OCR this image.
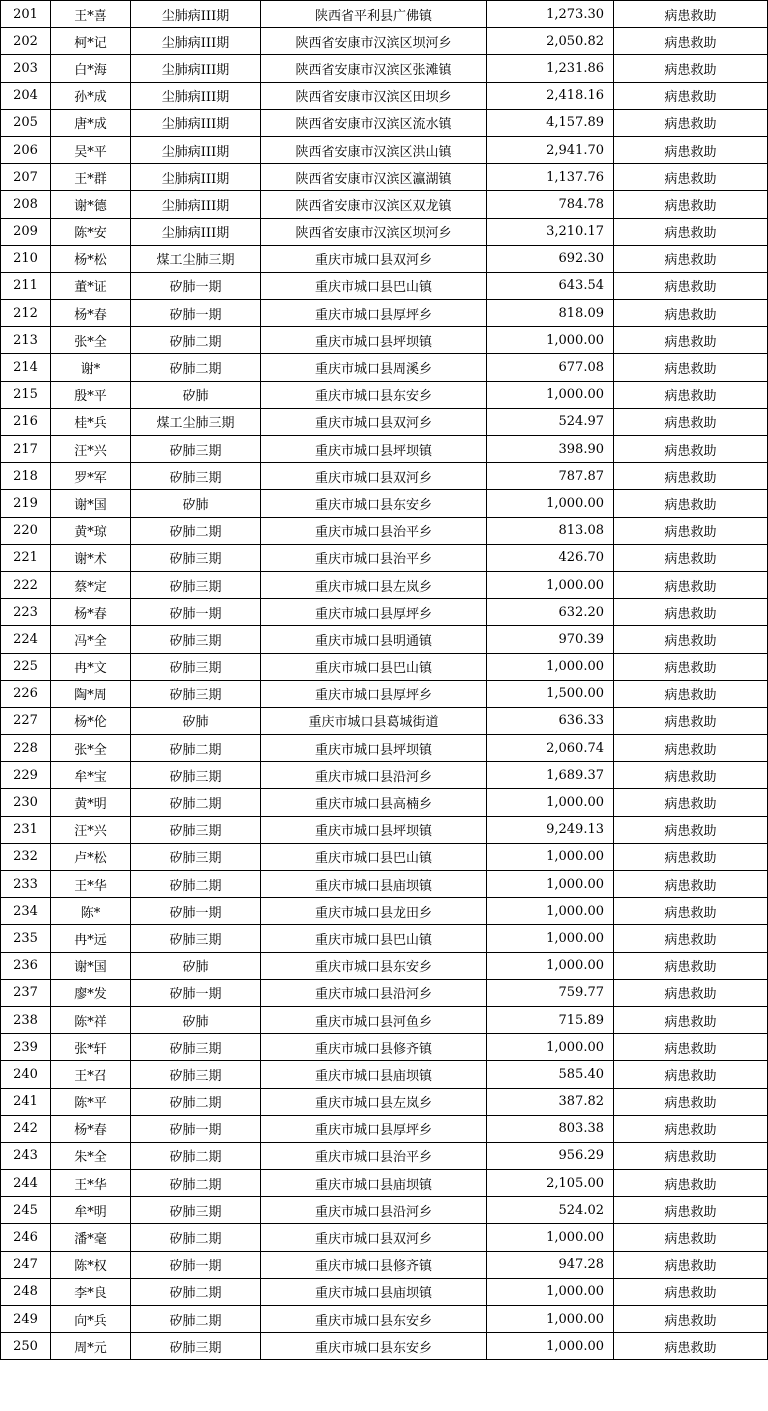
201	王*喜	尘肺病III期	陕西省平利县广佛镇	1,273.30	病患救助
202	柯*记	尘肺病III期	陕西省安康市汉滨区坝河乡	2,050.82	病患救助
203	白*海	尘肺病III期	陕西省安康市汉滨区张滩镇	1,231.86	病患救助
204	孙*成	尘肺病III期	陕西省安康市汉滨区田坝乡	2,418.16	病患救助
205	唐*成	尘肺病III期	陕西省安康市汉滨区流水镇	4,157.89	病患救助
206	吴*平	尘肺病III期	陕西省安康市汉滨区洪山镇	2,941.70	病患救助
207	王*群	尘肺病III期	陕西省安康市汉滨区瀛湖镇	1,137.76	病患救助
208	谢*德	尘肺病III期	陕西省安康市汉滨区双龙镇	784.78	病患救助
209	陈*安	尘肺病III期	陕西省安康市汉滨区坝河乡	3,210.17	病患救助
210	杨*松	煤工尘肺三期	重庆市城口县双河乡	692.30	病患救助
211	董*证	矽肺一期	重庆市城口县巴山镇	643.54	病患救助
212	杨*春	矽肺一期	重庆市城口县厚坪乡	818.09	病患救助
213	张*全	矽肺二期	重庆市城口县坪坝镇	1,000.00	病患救助
214	谢*	矽肺二期	重庆市城口县周溪乡	677.08	病患救助
215	殷*平	矽肺	重庆市城口县东安乡	1,000.00	病患救助
216	桂*兵	煤工尘肺三期	重庆市城口县双河乡	524.97	病患救助
217	汪*兴	矽肺三期	重庆市城口县坪坝镇	398.90	病患救助
218	罗*军	矽肺三期	重庆市城口县双河乡	787.87	病患救助
219	谢*国	矽肺	重庆市城口县东安乡	1,000.00	病患救助
220	黄*琼	矽肺二期	重庆市城口县治平乡	813.08	病患救助
221	谢*术	矽肺三期	重庆市城口县治平乡	426.70	病患救助
222	蔡*定	矽肺三期	重庆市城口县左岚乡	1,000.00	病患救助
223	杨*春	矽肺一期	重庆市城口县厚坪乡	632.20	病患救助
224	冯*全	矽肺三期	重庆市城口县明通镇	970.39	病患救助
225	冉*文	矽肺三期	重庆市城口县巴山镇	1,000.00	病患救助
226	陶*周	矽肺三期	重庆市城口县厚坪乡	1,500.00	病患救助
227	杨*伦	矽肺	重庆市城口县葛城街道	636.33	病患救助
228	张*全	矽肺二期	重庆市城口县坪坝镇	2,060.74	病患救助
229	牟*宝	矽肺三期	重庆市城口县沿河乡	1,689.37	病患救助
230	黄*明	矽肺二期	重庆市城口县高楠乡	1,000.00	病患救助
231	汪*兴	矽肺三期	重庆市城口县坪坝镇	9,249.13	病患救助
232	卢*松	矽肺三期	重庆市城口县巴山镇	1,000.00	病患救助
233	王*华	矽肺二期	重庆市城口县庙坝镇	1,000.00	病患救助
234	陈*	矽肺一期	重庆市城口县龙田乡	1,000.00	病患救助
235	冉*远	矽肺三期	重庆市城口县巴山镇	1,000.00	病患救助
236	谢*国	矽肺	重庆市城口县东安乡	1,000.00	病患救助
237	廖*发	矽肺一期	重庆市城口县沿河乡	759.77	病患救助
238	陈*祥	矽肺	重庆市城口县河鱼乡	715.89	病患救助
239	张*轩	矽肺三期	重庆市城口县修齐镇	1,000.00	病患救助
240	王*召	矽肺三期	重庆市城口县庙坝镇	585.40	病患救助
241	陈*平	矽肺二期	重庆市城口县左岚乡	387.82	病患救助
242	杨*春	矽肺一期	重庆市城口县厚坪乡	803.38	病患救助
243	朱*全	矽肺二期	重庆市城口县治平乡	956.29	病患救助
244	王*华	矽肺二期	重庆市城口县庙坝镇	2,105.00	病患救助
245	牟*明	矽肺三期	重庆市城口县沿河乡	524.02	病患救助
246	潘*毫	矽肺二期	重庆市城口县双河乡	1,000.00	病患救助
247	陈*权	矽肺一期	重庆市城口县修齐镇	947.28	病患救助
248	李*良	矽肺二期	重庆市城口县庙坝镇	1,000.00	病患救助
249	向*兵	矽肺二期	重庆市城口县东安乡	1,000.00	病患救助
250	周*元	矽肺三期	重庆市城口县东安乡	1,000.00	病患救助
